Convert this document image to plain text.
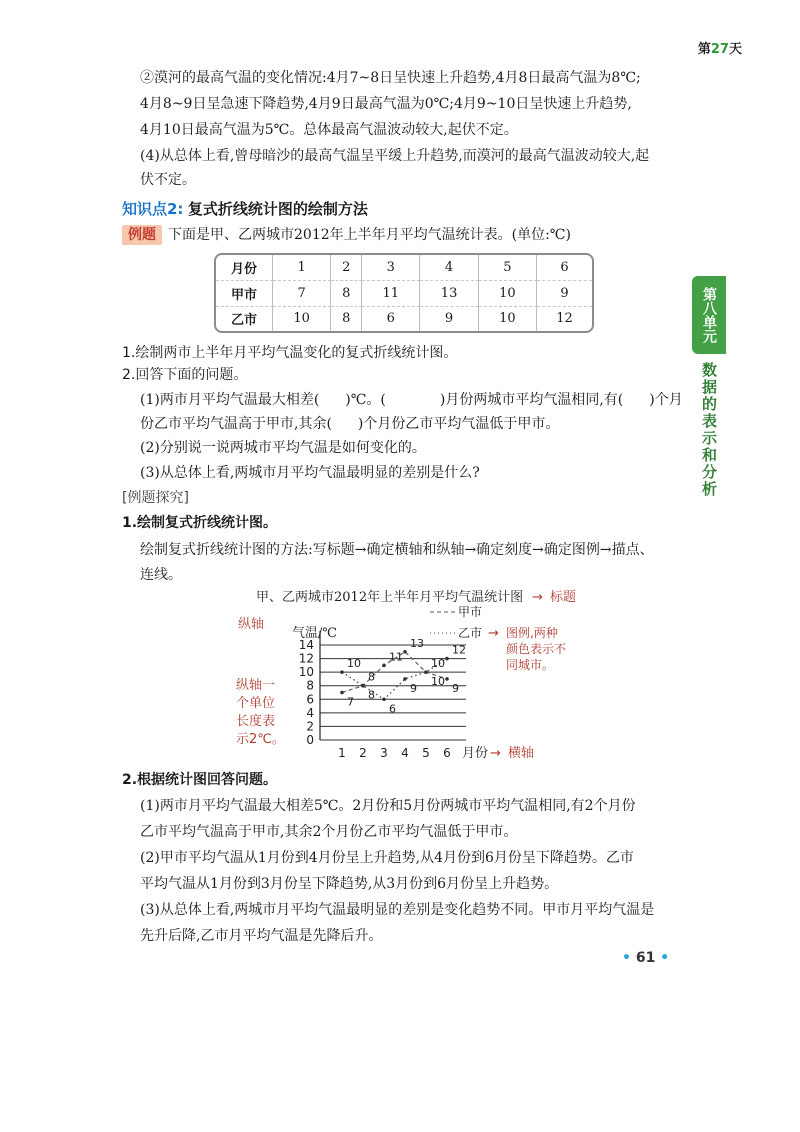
第27天
第八单元
数据的表示和分析
②漠河的最高气温的变化情况:4月7~8日呈快速上升趋势,4月8日最高气温为8℃;
4月8~9日呈急速下降趋势,4月9日最高气温为0℃;4月9~10日呈快速上升趋势,
4月10日最高气温为5℃。总体最高气温波动较大,起伏不定。
(4)从总体上看,曾母暗沙的最高气温呈平缓上升趋势,而漠河的最高气温波动较大,起
伏不定。
知识点2: 复式折线统计图的绘制方法
例题 下面是甲、乙两城市2012年上半年月平均气温统计表。(单位:℃)
月份	1	2	3	4	5	6
甲市	7	8	11	13	10	9
乙市	10	8	6	9	10	12
1.绘制两市上半年月平均气温变化的复式折线统计图。
2.回答下面的问题。
(1)两市月平均气温最大相差( )℃。(	)月份两城市平均气温相同,有( )个月
份乙市平均气温高于甲市,其余( )个月份乙市平均气温低于甲市。
(2)分别说一说两城市平均气温是如何变化的。
(3)从总体上看,两城市月平均气温最明显的差别是什么?
[例题探究]
1.绘制复式折线统计图。
绘制复式折线统计图的方法:写标题→确定横轴和纵轴→确定刻度→确定图例→描点、
连线。
甲、乙两城市2012年上半年月平均气温统计图 → 标题
纵轴
气温/℃
甲市
乙市 → 图例,两种
颜色表示不
同城市。
纵轴一
个单位
长度表
示2℃。 0
2
4
6
8
10
12
14
1 2 3 4 5 6
7
8
11
13
10
9
10
8
6
9
10
12
月份 → 横轴
2.根据统计图回答问题。
(1)两市月平均气温最大相差5℃。2月份和5月份两城市平均气温相同,有2个月份
乙市平均气温高于甲市,其余2个月份乙市平均气温低于甲市。
(2)甲市平均气温从1月份到4月份呈上升趋势,从4月份到6月份呈下降趋势。乙市
平均气温从1月份到3月份呈下降趋势,从3月份到6月份呈上升趋势。
(3)从总体上看,两城市月平均气温最明显的差别是变化趋势不同。甲市月平均气温是
先升后降,乙市月平均气温是先降后升。
• 61 •
